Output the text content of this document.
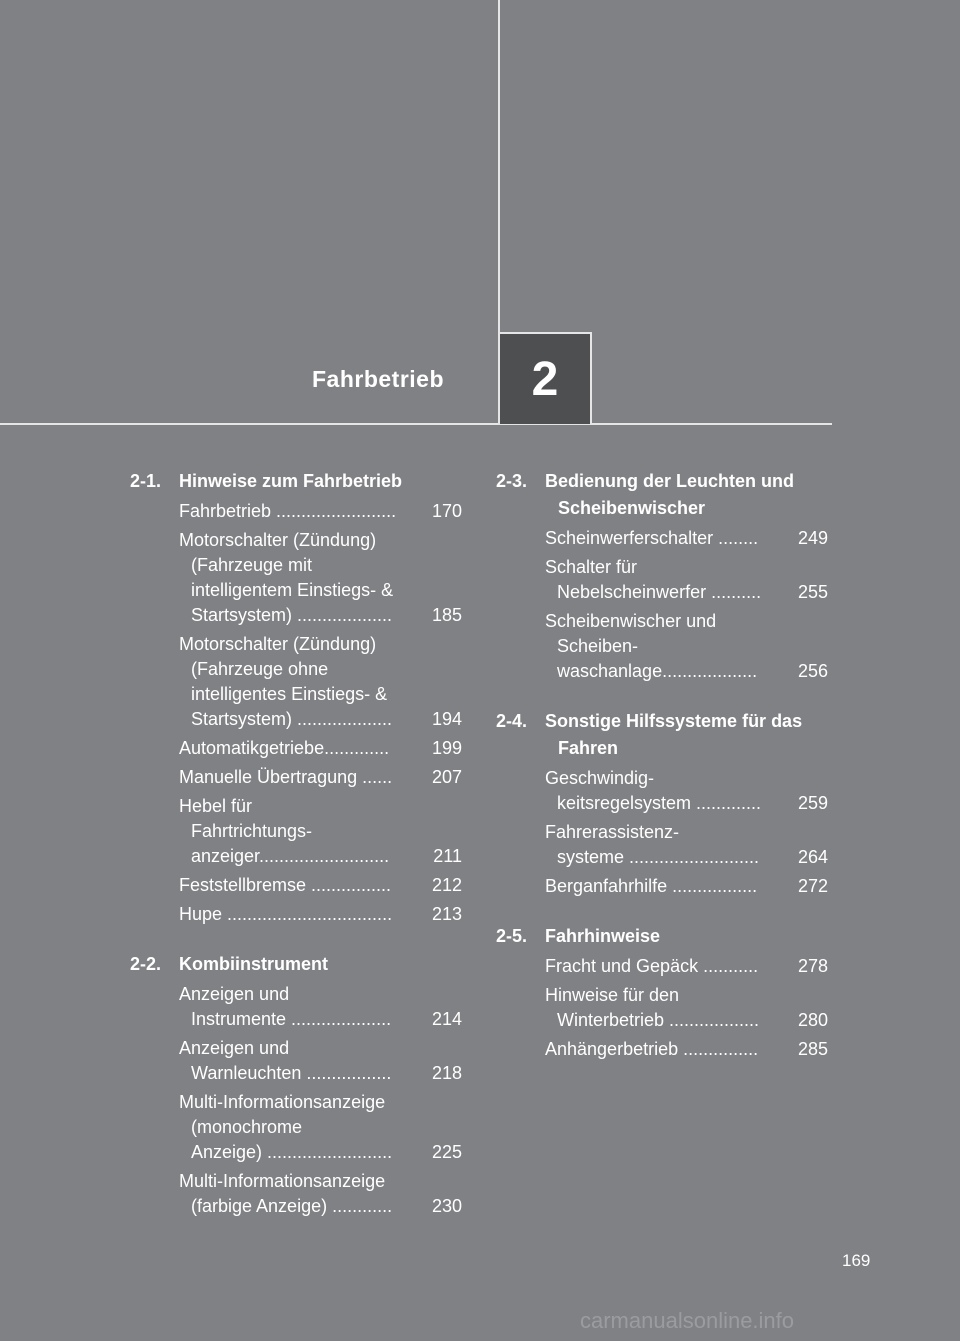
Fahrbetrieb 2
2-1. Hinweise zum Fahrbetrieb
Fahrbetrieb ........................	170
Motorschalter (Zündung)
(Fahrzeuge mit
intelligentem Einstiegs- &
Startsystem) ...................	185
Motorschalter (Zündung)
(Fahrzeuge ohne
intelligentes Einstiegs- &
Startsystem) ...................	194
Automatikgetriebe.............	199
Manuelle Übertragung ......	207
Hebel für
Fahrtrichtungs-
anzeiger..........................	211
Feststellbremse ................	212
Hupe .................................	213
2-2. Kombiinstrument
Anzeigen und
Instrumente ....................	214
Anzeigen und
Warnleuchten .................	218
Multi-Informationsanzeige
(monochrome
Anzeige) .........................	225
Multi-Informationsanzeige
(farbige Anzeige) ............	230
2-3. Bedienung der Leuchten und Scheibenwischer
Scheinwerferschalter ........	249
Schalter für
Nebelscheinwerfer ..........	255
Scheibenwischer und
Scheiben-
waschanlage...................	256
2-4. Sonstige Hilfssysteme für das Fahren
Geschwindig-
keitsregelsystem .............	259
Fahrerassistenz-
systeme ..........................	264
Berganfahrhilfe .................	272
2-5. Fahrhinweise
Fracht und Gepäck ...........	278
Hinweise für den
Winterbetrieb ..................	280
Anhängerbetrieb ...............	285
169
carmanualsonline.info
